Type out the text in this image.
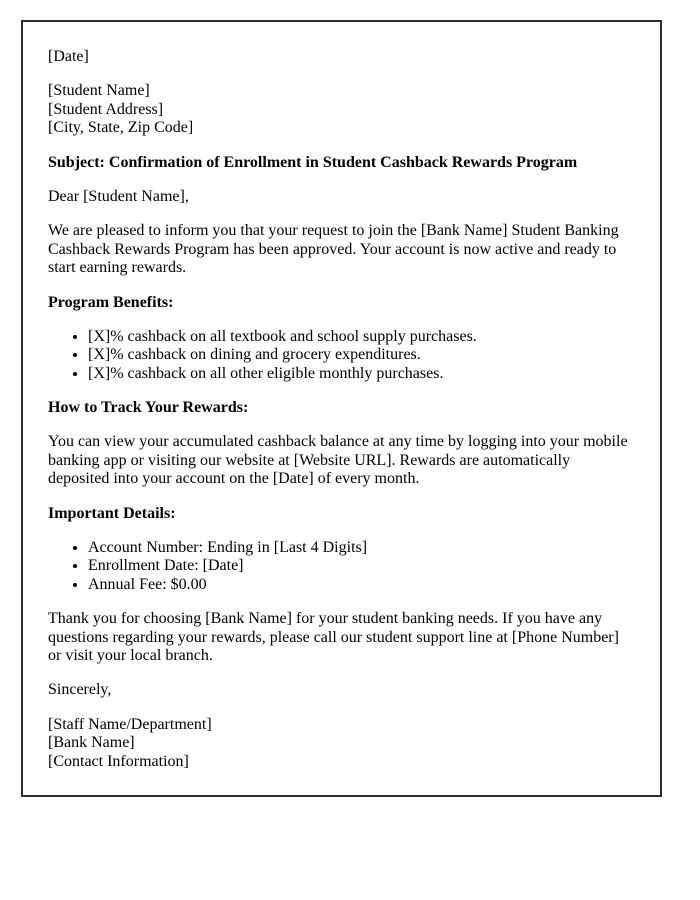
[Date]

[Student Name]

[Student Address]

[City, State, Zip Code]

Subject: Confirmation of Enrollment in Student Cashback Rewards Program

Dear [Student Name],

We are pleased to inform you that your request to join the [Bank Name] Student Banking Cashback Rewards Program has been approved. Your account is now active and ready to start earning rewards.

Program Benefits:

• [X]% cashback on all textbook and school supply purchases.
• [X]% cashback on dining and grocery expenditures.
• [X]% cashback on all other eligible monthly purchases.

How to Track Your Rewards:

You can view your accumulated cashback balance at any time by logging into your mobile banking app or visiting our website at [Website URL]. Rewards are automatically deposited into your account on the [Date] of every month.

Important Details:

• Account Number: Ending in [Last 4 Digits]
• Enrollment Date: [Date]
• Annual Fee: $0.00

Thank you for choosing [Bank Name] for your student banking needs. If you have any questions regarding your rewards, please call our student support line at [Phone Number] or visit your local branch.

Sincerely,

[Staff Name/Department]

[Bank Name]

[Contact Information]
